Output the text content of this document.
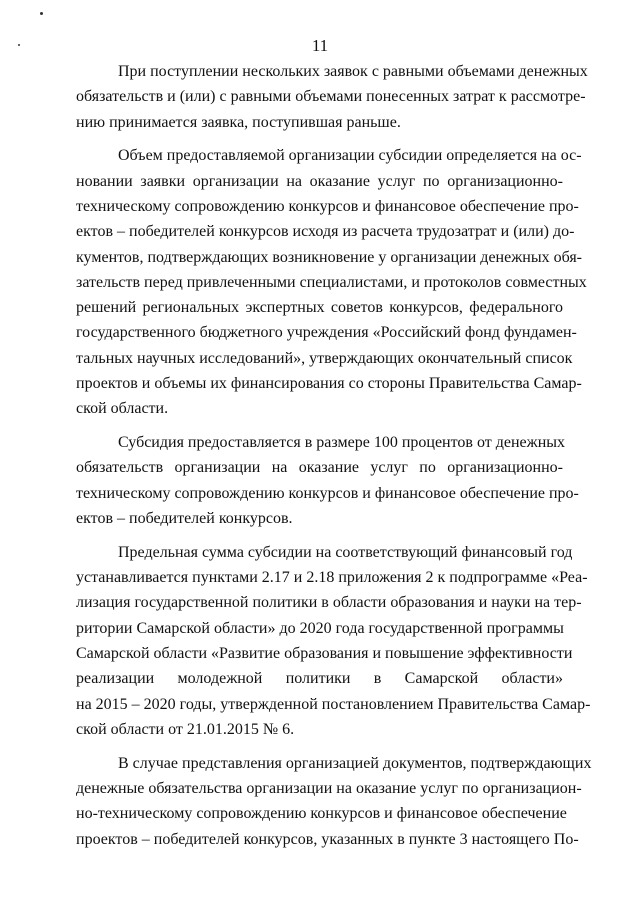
11
При поступлении нескольких заявок с равными объемами денежных
обязательств и (или) с равными объемами понесенных затрат к рассмотре-
нию принимается заявка, поступившая раньше.
Объем предоставляемой организации субсидии определяется на ос-
новании заявки организации на оказание услуг по организационно-
техническому сопровождению конкурсов и финансовое обеспечение про-
ектов – победителей конкурсов исходя из расчета трудозатрат и (или) до-
кументов, подтверждающих возникновение у организации денежных обя-
зательств перед привлеченными специалистами, и протоколов совместных
решений региональных экспертных советов конкурсов, федерального
государственного бюджетного учреждения «Российский фонд фундамен-
тальных научных исследований», утверждающих окончательный список
проектов и объемы их финансирования со стороны Правительства Самар-
ской области.
Субсидия предоставляется в размере 100 процентов от денежных
обязательств организации на оказание услуг по организационно-
техническому сопровождению конкурсов и финансовое обеспечение про-
ектов – победителей конкурсов.
Предельная сумма субсидии на соответствующий финансовый год
устанавливается пунктами 2.17 и 2.18 приложения 2 к подпрограмме «Реа-
лизация государственной политики в области образования и науки на тер-
ритории Самарской области» до 2020 года государственной программы
Самарской области «Развитие образования и повышение эффективности
реализации молодежной политики в Самарской области»
на 2015 – 2020 годы, утвержденной постановлением Правительства Самар-
ской области от 21.01.2015 № 6.
В случае представления организацией документов, подтверждающих
денежные обязательства организации на оказание услуг по организацион-
но-техническому сопровождению конкурсов и финансовое обеспечение
проектов – победителей конкурсов, указанных в пункте 3 настоящего По-
